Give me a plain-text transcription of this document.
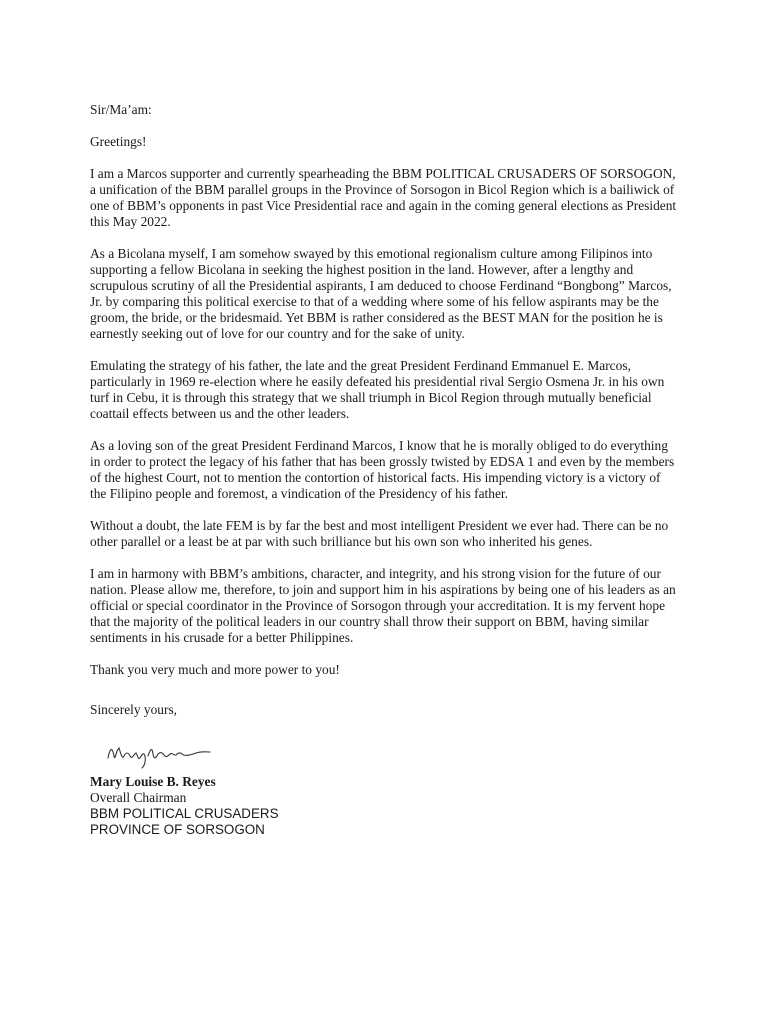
Sir/Ma’am:

Greetings!

I am a Marcos supporter and currently spearheading the BBM POLITICAL CRUSADERS OF SORSOGON, a unification of the BBM parallel groups in the Province of Sorsogon in Bicol Region which is a bailiwick of one of BBM’s opponents in past Vice Presidential race and again in the coming general elections as President this May 2022.

As a Bicolana myself, I am somehow swayed by this emotional regionalism culture among Filipinos into supporting a fellow Bicolana in seeking the highest position in the land. However, after a lengthy and scrupulous scrutiny of all the Presidential aspirants, I am deduced to choose Ferdinand “Bongbong” Marcos, Jr. by comparing this political exercise to that of a wedding where some of his fellow aspirants may be the groom, the bride, or the bridesmaid. Yet BBM is rather considered as the BEST MAN for the position he is earnestly seeking out of love for our country and for the sake of unity.

Emulating the strategy of his father, the late and the great President Ferdinand Emmanuel E. Marcos, particularly in 1969 re-election where he easily defeated his presidential rival Sergio Osmena Jr. in his own turf in Cebu, it is through this strategy that we shall triumph in Bicol Region through mutually beneficial coattail effects between us and the other leaders.

As a loving son of the great President Ferdinand Marcos, I know that he is morally obliged to do everything in order to protect the legacy of his father that has been grossly twisted by EDSA 1 and even by the members of the highest Court, not to mention the contortion of historical facts. His impending victory is a victory of the Filipino people and foremost, a vindication of the Presidency of his father.

Without a doubt, the late FEM is by far the best and most intelligent President we ever had. There can be no other parallel or a least be at par with such brilliance but his own son who inherited his genes.

I am in harmony with BBM’s ambitions, character, and integrity, and his strong vision for the future of our nation. Please allow me, therefore, to join and support him in his aspirations by being one of his leaders as an official or special coordinator in the Province of Sorsogon through your accreditation. It is my fervent hope that the majority of the political leaders in our country shall throw their support on BBM, having similar sentiments in his crusade for a better Philippines.

Thank you very much and more power to you!

Sincerely yours,

Mary Louise B. Reyes
Overall Chairman
BBM POLITICAL CRUSADERS
PROVINCE OF SORSOGON
